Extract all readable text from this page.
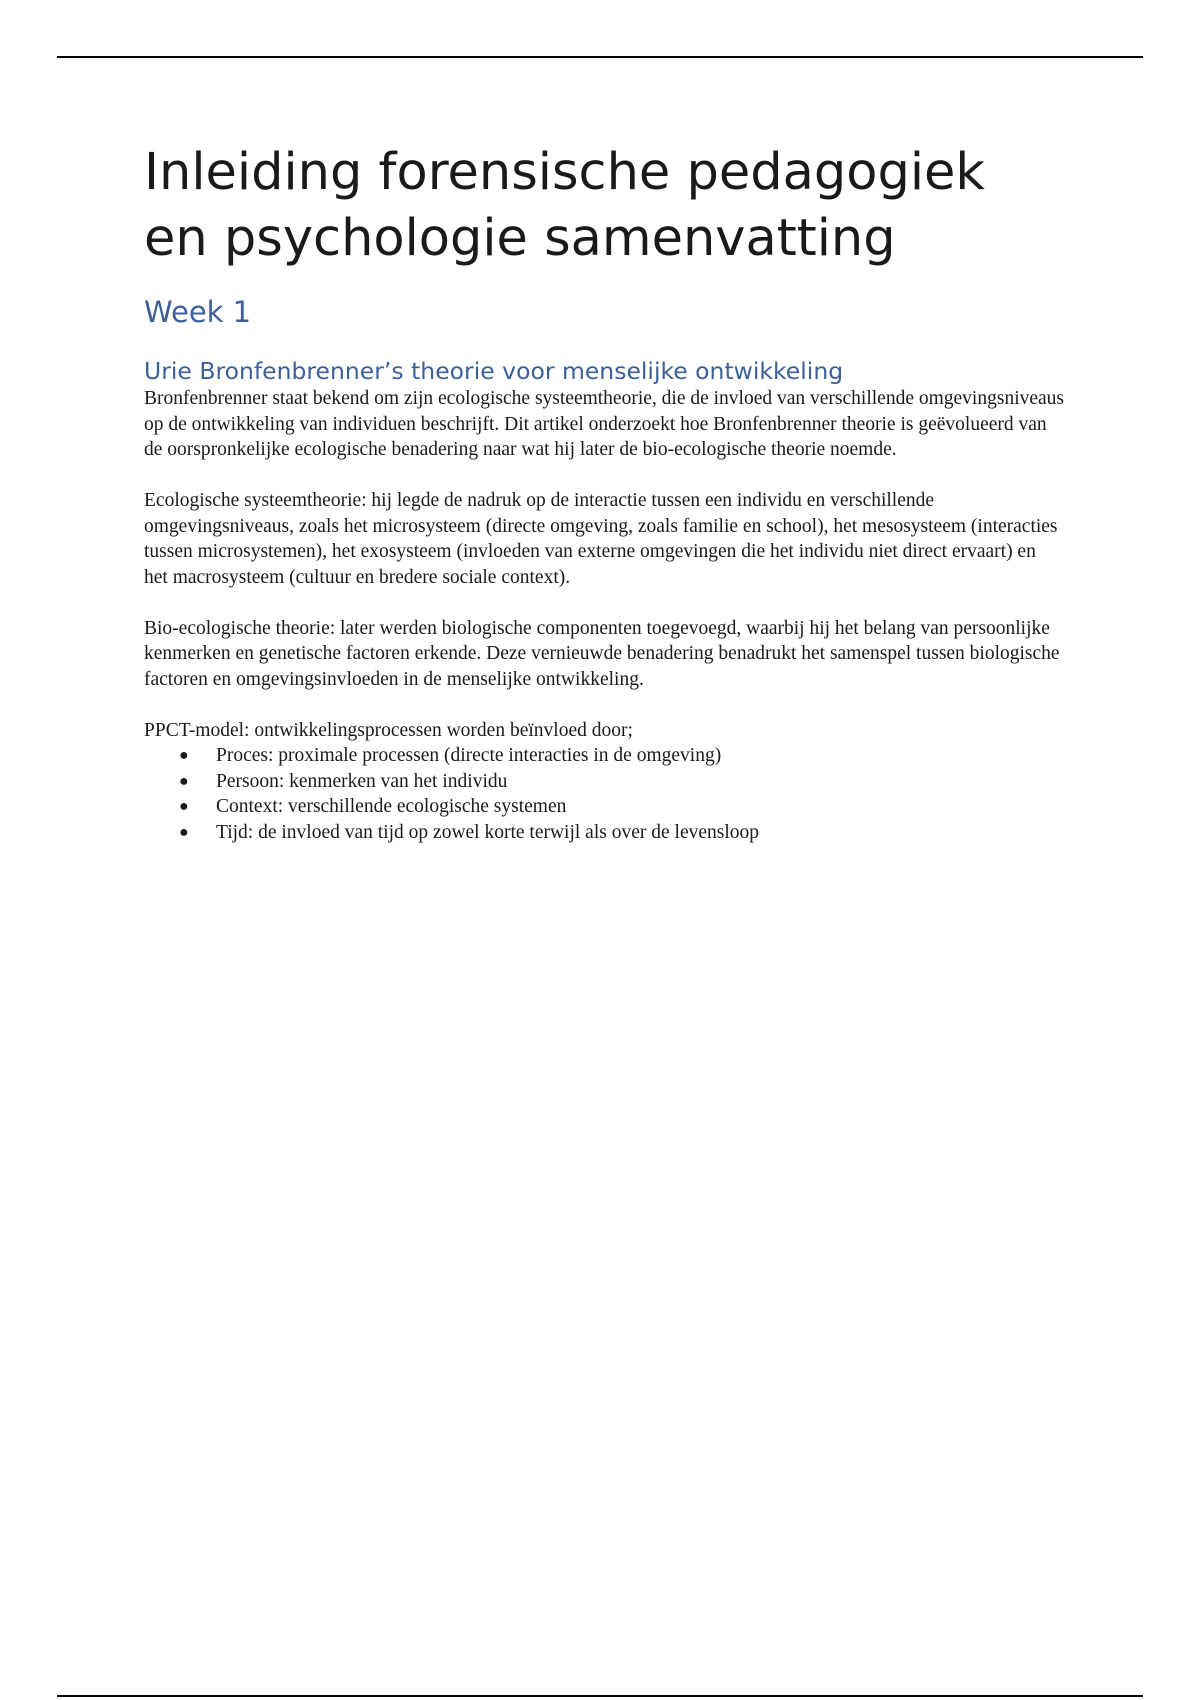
Inleiding forensische pedagogiek
en psychologie samenvatting
Week 1
Urie Bronfenbrenner’s theorie voor menselijke ontwikkeling

Bronfenbrenner staat bekend om zijn ecologische systeemtheorie, die de invloed van verschillende omgevingsniveaus op de ontwikkeling van individuen beschrijft. Dit artikel onderzoekt hoe Bronfenbrenner theorie is geëvolueerd van de oorspronkelijke ecologische benadering naar wat hij later de bio-ecologische theorie noemde.

Ecologische systeemtheorie: hij legde de nadruk op de interactie tussen een individu en verschillende omgevingsniveaus, zoals het microsysteem (directe omgeving, zoals familie en school), het mesosysteem (interacties tussen microsystemen), het exosysteem (invloeden van externe omgevingen die het individu niet direct ervaart) en het macrosysteem (cultuur en bredere sociale context).

Bio-ecologische theorie: later werden biologische componenten toegevoegd, waarbij hij het belang van persoonlijke kenmerken en genetische factoren erkende. Deze vernieuwde benadering benadrukt het samenspel tussen biologische factoren en omgevingsinvloeden in de menselijke ontwikkeling.

PPCT-model: ontwikkelingsprocessen worden beïnvloed door;

● Proces: proximale processen (directe interacties in de omgeving)
● Persoon: kenmerken van het individu
● Context: verschillende ecologische systemen
● Tijd: de invloed van tijd op zowel korte terwijl als over de levensloop
